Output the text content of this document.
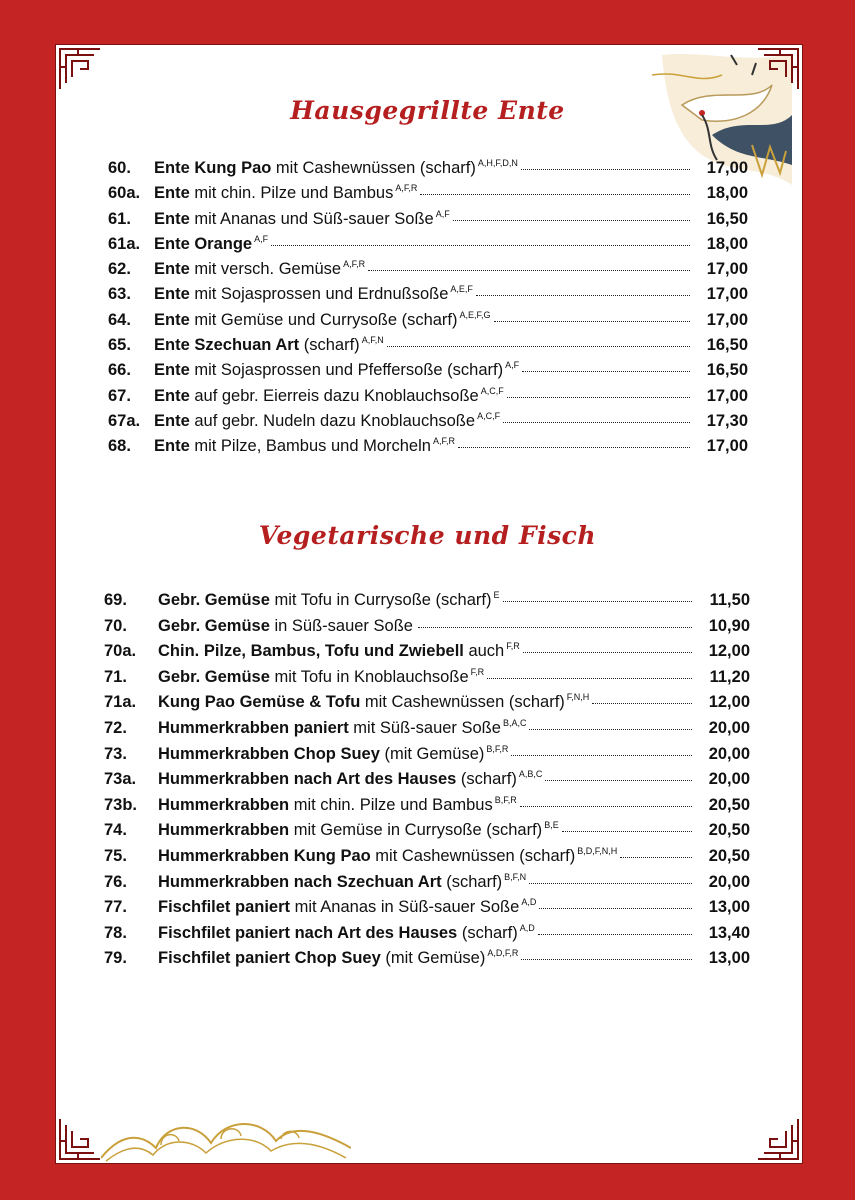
Hausgegrillte Ente
60.	Ente Kung Pao mit Cashewnüssen (scharf) $^{A,H,F,D,N}$	17,00
60a. Ente mit chin. Pilze und Bambus $^{A,F,R}$	18,00
61.	Ente mit Ananas und Süß-sauer Soße $^{A,F}$	16,50
61a. Ente Orange $^{A,F}$	18,00
62.	Ente mit versch. Gemüse $^{A,F,R}$	17,00
63.	Ente mit Sojasprossen und Erdnußsoße $^{A,E,F}$	17,00
64.	Ente mit Gemüse und Currysoße (scharf) $^{A,E,F,G}$	17,00
65.	Ente Szechuan Art (scharf) $^{A,F,N}$	16,50
66.	Ente mit Sojasprossen und Pfeffersoße (scharf) $^{A,F}$	16,50
67.	Ente auf gebr. Eierreis dazu Knoblauchsoße $^{A,C,F}$	17,00
67a. Ente auf gebr. Nudeln dazu Knoblauchsoße $^{A,C,F}$	17,30
68.	Ente mit Pilze, Bambus und Morcheln $^{A,F,R}$	17,00
Vegetarische und Fisch
69.	Gebr. Gemüse mit Tofu in Currysoße (scharf) $^E$	11,50
70.	Gebr. Gemüse in Süß-sauer Soße	10,90
70a.	Chin. Pilze, Bambus, Tofu und Zwiebell auch $^{F,R}$	12,00
71.	Gebr. Gemüse mit Tofu in Knoblauchsoße $^{F,R}$	11,20
71a.	Kung Pao Gemüse & Tofu mit Cashewnüssen (scharf) $^{F,N,H}$	12,00
72.	Hummerkrabben paniert mit Süß-sauer Soße $^{B,A,C}$	20,00
73.	Hummerkrabben Chop Suey (mit Gemüse) $^{B,F,R}$	20,00
73a.	Hummerkrabben nach Art des Hauses (scharf) $^{A,B,C}$	20,00
73b.	Hummerkrabben mit chin. Pilze und Bambus $^{B,F,R}$	20,50
74.	Hummerkrabben mit Gemüse in Currysoße (scharf) $^{B,E}$	20,50
75.	Hummerkrabben Kung Pao mit Cashewnüssen (scharf) $^{B,D,F,N,H}$	20,50
76.	Hummerkrabben nach Szechuan Art (scharf) $^{B,F,N}$	20,00
77.	Fischfilet paniert mit Ananas in Süß-sauer Soße $^{A,D}$	13,00
78.	Fischfilet paniert nach Art des Hauses (scharf) $^{A,D}$	13,40
79.	Fischfilet paniert Chop Suey (mit Gemüse) $^{A,D,F,R}$	13,00
